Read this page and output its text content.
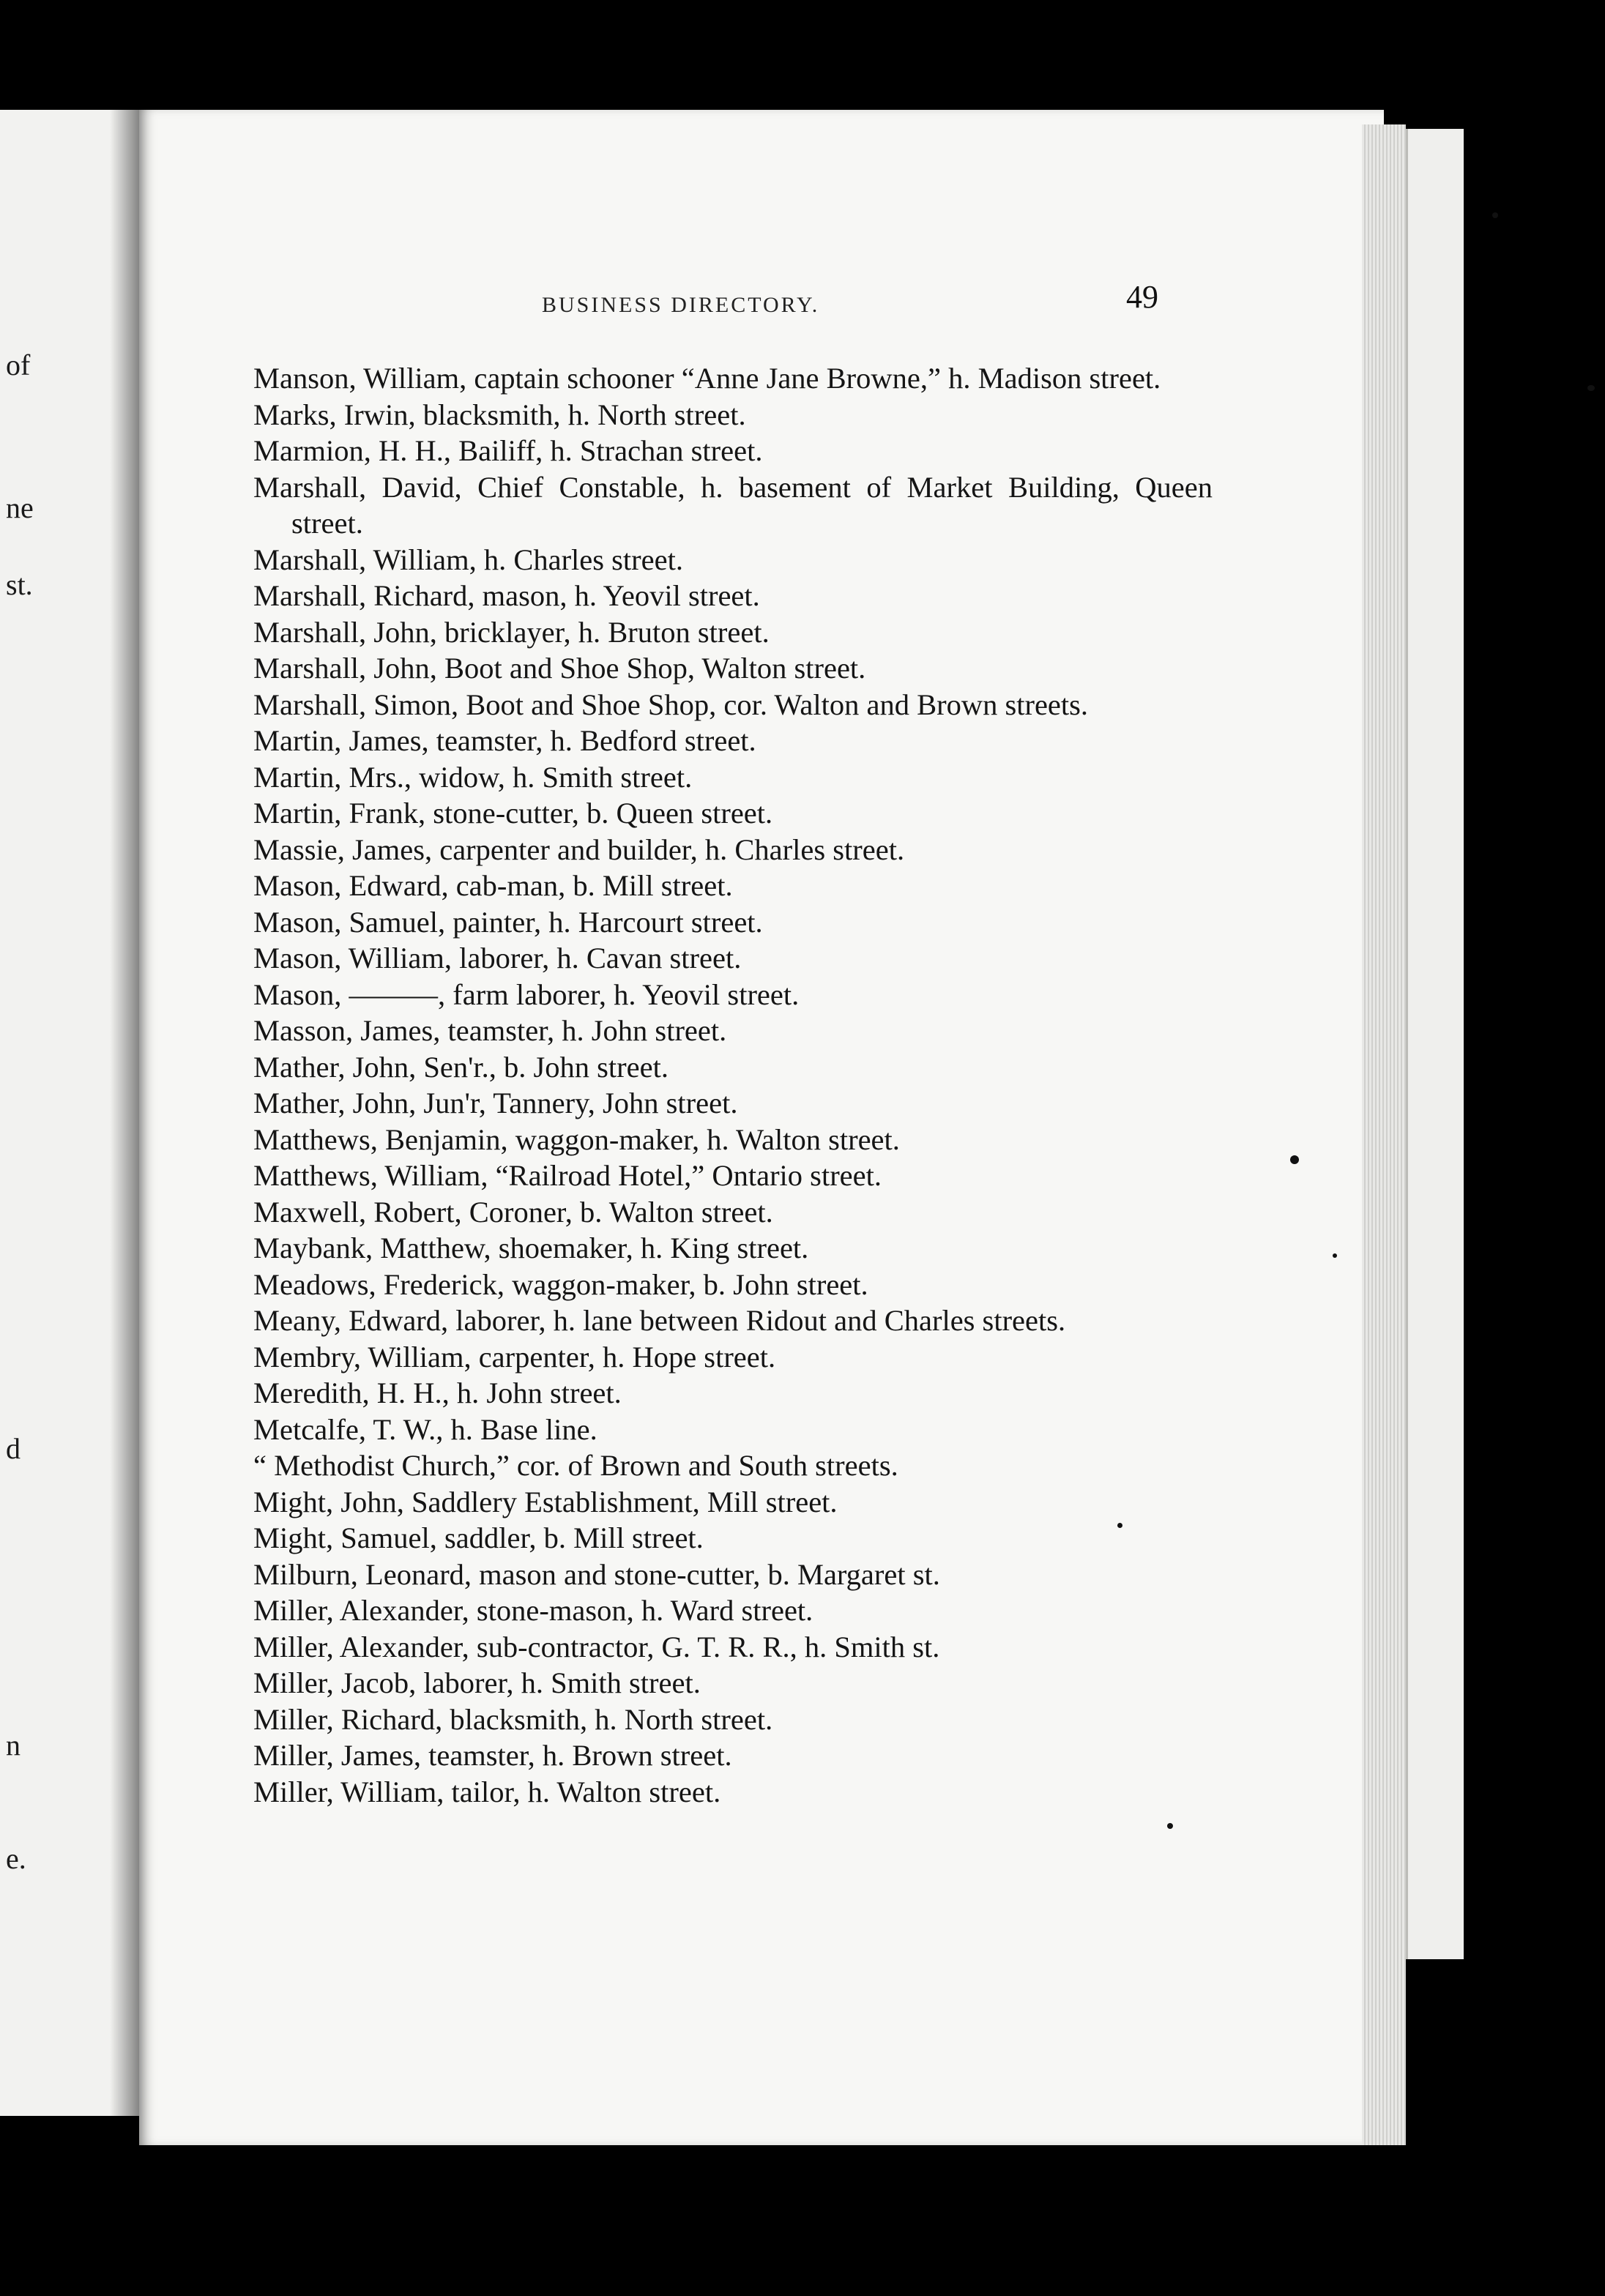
of
ne
st.
d
n
e.
BUSINESS DIRECTORY.	49

Manson, William, captain schooner “Anne Jane Browne,” h. Madison street.

Marks, Irwin, blacksmith, h. North street.

Marmion, H. H., Bailiff, h. Strachan street.

Marshall, David, Chief Constable, h. basement of Market Building, Queen street.

Marshall, William, h. Charles street.

Marshall, Richard, mason, h. Yeovil street.

Marshall, John, bricklayer, h. Bruton street.

Marshall, John, Boot and Shoe Shop, Walton street.

Marshall, Simon, Boot and Shoe Shop, cor. Walton and Brown streets.

Martin, James, teamster, h. Bedford street.

Martin, Mrs., widow, h. Smith street.

Martin, Frank, stone-cutter, b. Queen street.

Massie, James, carpenter and builder, h. Charles street.

Mason, Edward, cab-man, b. Mill street.

Mason, Samuel, painter, h. Harcourt street.

Mason, William, laborer, h. Cavan street.

Mason, ———, farm laborer, h. Yeovil street.

Masson, James, teamster, h. John street.

Mather, John, Sen'r., b. John street.

Mather, John, Jun'r, Tannery, John street.

Matthews, Benjamin, waggon-maker, h. Walton street.

Matthews, William, “Railroad Hotel,” Ontario street.

Maxwell, Robert, Coroner, b. Walton street.

Maybank, Matthew, shoemaker, h. King street.

Meadows, Frederick, waggon-maker, b. John street.

Meany, Edward, laborer, h. lane between Ridout and Charles streets.

Membry, William, carpenter, h. Hope street.

Meredith, H. H., h. John street.

Metcalfe, T. W., h. Base line.

“ Methodist Church,” cor. of Brown and South streets.

Might, John, Saddlery Establishment, Mill street.

Might, Samuel, saddler, b. Mill street.

Milburn, Leonard, mason and stone-cutter, b. Margaret st.

Miller, Alexander, stone-mason, h. Ward street.

Miller, Alexander, sub-contractor, G. T. R. R., h. Smith st.

Miller, Jacob, laborer, h. Smith street.

Miller, Richard, blacksmith, h. North street.

Miller, James, teamster, h. Brown street.

Miller, William, tailor, h. Walton street.
